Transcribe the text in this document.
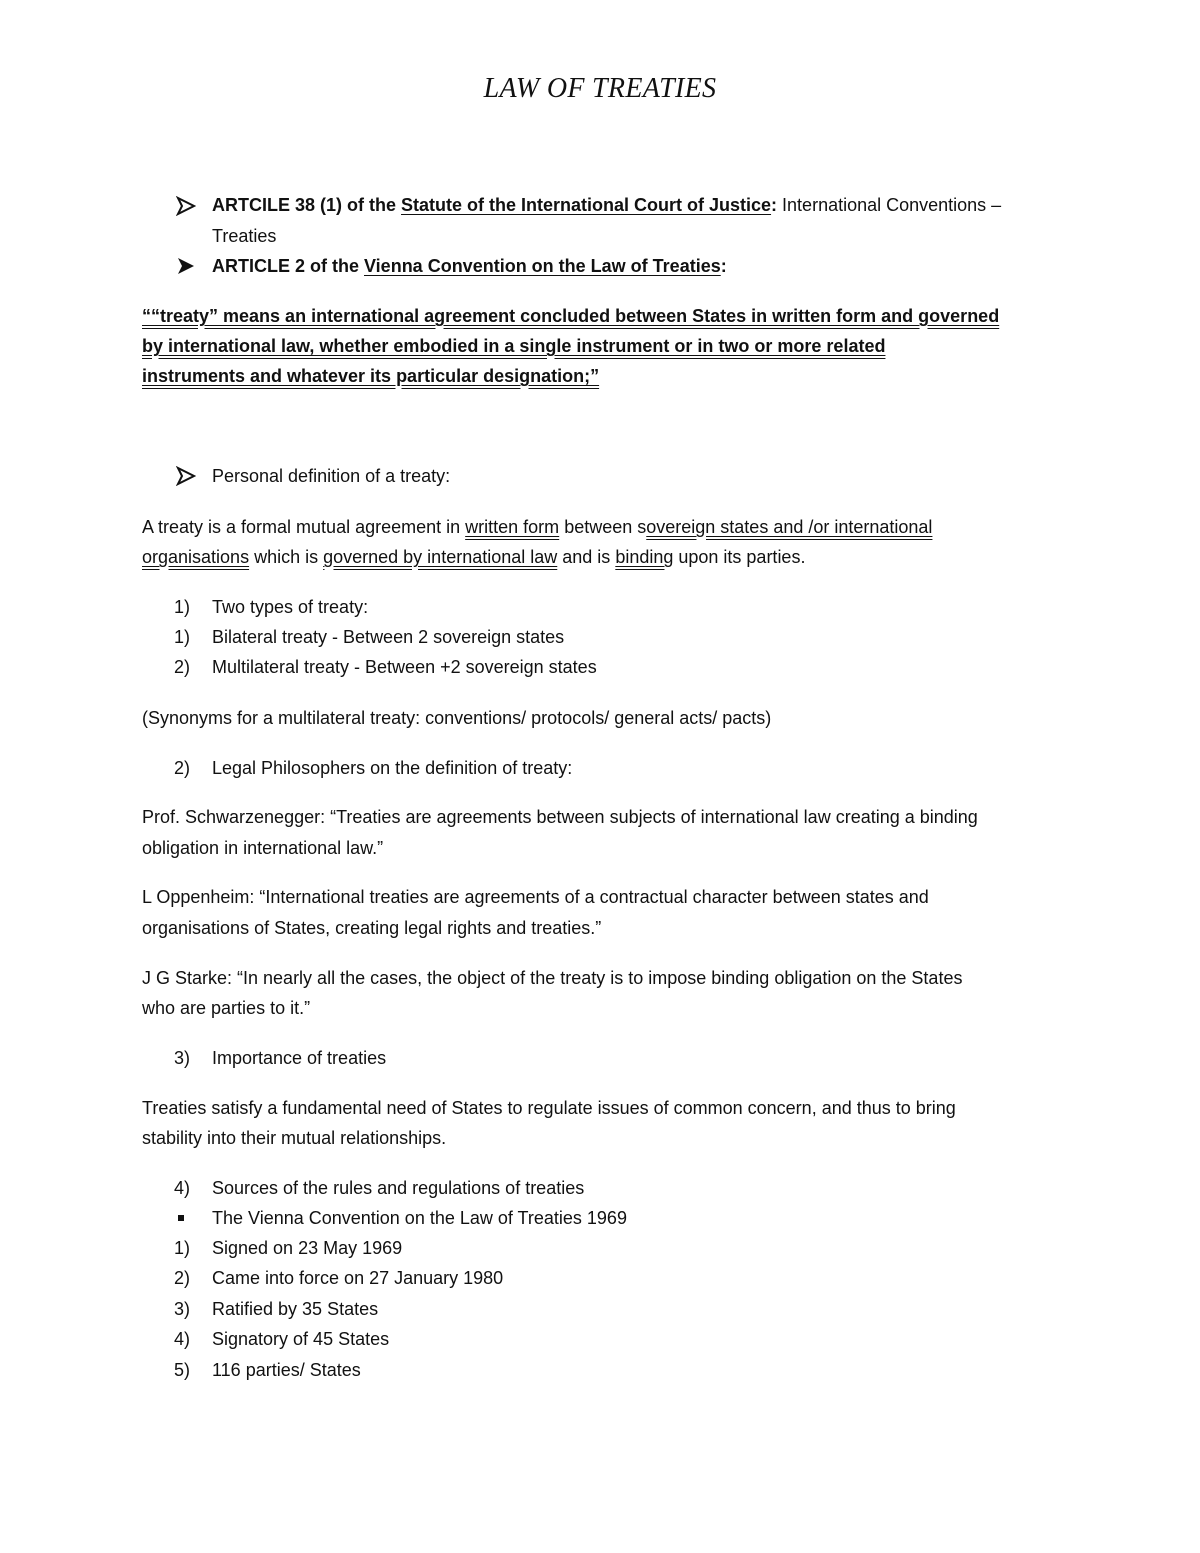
LAW OF TREATIES
ARTCILE 38 (1) of the Statute of the International Court of Justice: International Conventions –
Treaties
ARTICLE 2 of the Vienna Convention on the Law of Treaties:
““treaty” means an international agreement concluded between States in written form and governed
by international law, whether embodied in a single instrument or in two or more related
instruments and whatever its particular designation;”
Personal definition of a treaty:
A treaty is a formal mutual agreement in written form between sovereign states and /or international
organisations which is governed by international law and is binding upon its parties.
1)	Two types of treaty:
1)	Bilateral treaty - Between 2 sovereign states
2)	Multilateral treaty - Between +2 sovereign states
(Synonyms for a multilateral treaty: conventions/ protocols/ general acts/ pacts)
2)	Legal Philosophers on the definition of treaty:
Prof. Schwarzenegger: “Treaties are agreements between subjects of international law creating a binding
obligation in international law.”
L Oppenheim: “International treaties are agreements of a contractual character between states and
organisations of States, creating legal rights and treaties.”
J G Starke: “In nearly all the cases, the object of the treaty is to impose binding obligation on the States
who are parties to it.”
3)	Importance of treaties
Treaties satisfy a fundamental need of States to regulate issues of common concern, and thus to bring
stability into their mutual relationships.
4)	Sources of the rules and regulations of treaties
The Vienna Convention on the Law of Treaties 1969
1)	Signed on 23 May 1969
2)	Came into force on 27 January 1980
3)	Ratified by 35 States
4)	Signatory of 45 States
5)	116 parties/ States
